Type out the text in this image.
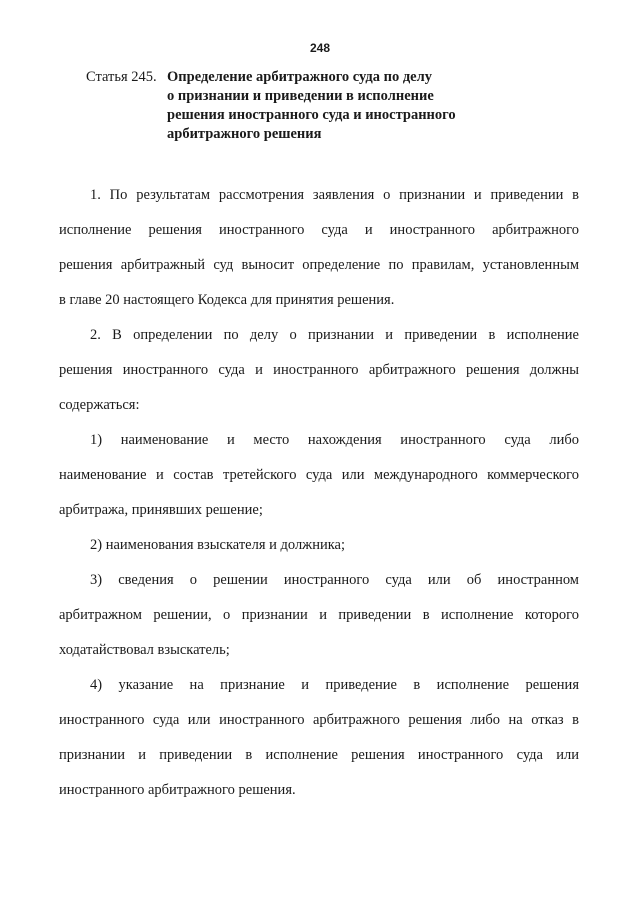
248
Статья 245. Определение арбитражного суда по делу
о признании и приведении в исполнение
решения иностранного суда и иностранного
арбитражного решения
1. По результатам рассмотрения заявления о признании и приведении в
исполнение решения иностранного суда и иностранного арбитражного
решения арбитражный суд выносит определение по правилам, установленным
в главе 20 настоящего Кодекса для принятия решения.
2. В определении по делу о признании и приведении в исполнение
решения иностранного суда и иностранного арбитражного решения должны
содержаться:
1) наименование и место нахождения иностранного суда либо
наименование и состав третейского суда или международного коммерческого
арбитража, принявших решение;
2) наименования взыскателя и должника;
3) сведения о решении иностранного суда или об иностранном
арбитражном решении, о признании и приведении в исполнение которого
ходатайствовал взыскатель;
4) указание на признание и приведение в исполнение решения
иностранного суда или иностранного арбитражного решения либо на отказ в
признании и приведении в исполнение решения иностранного суда или
иностранного арбитражного решения.
